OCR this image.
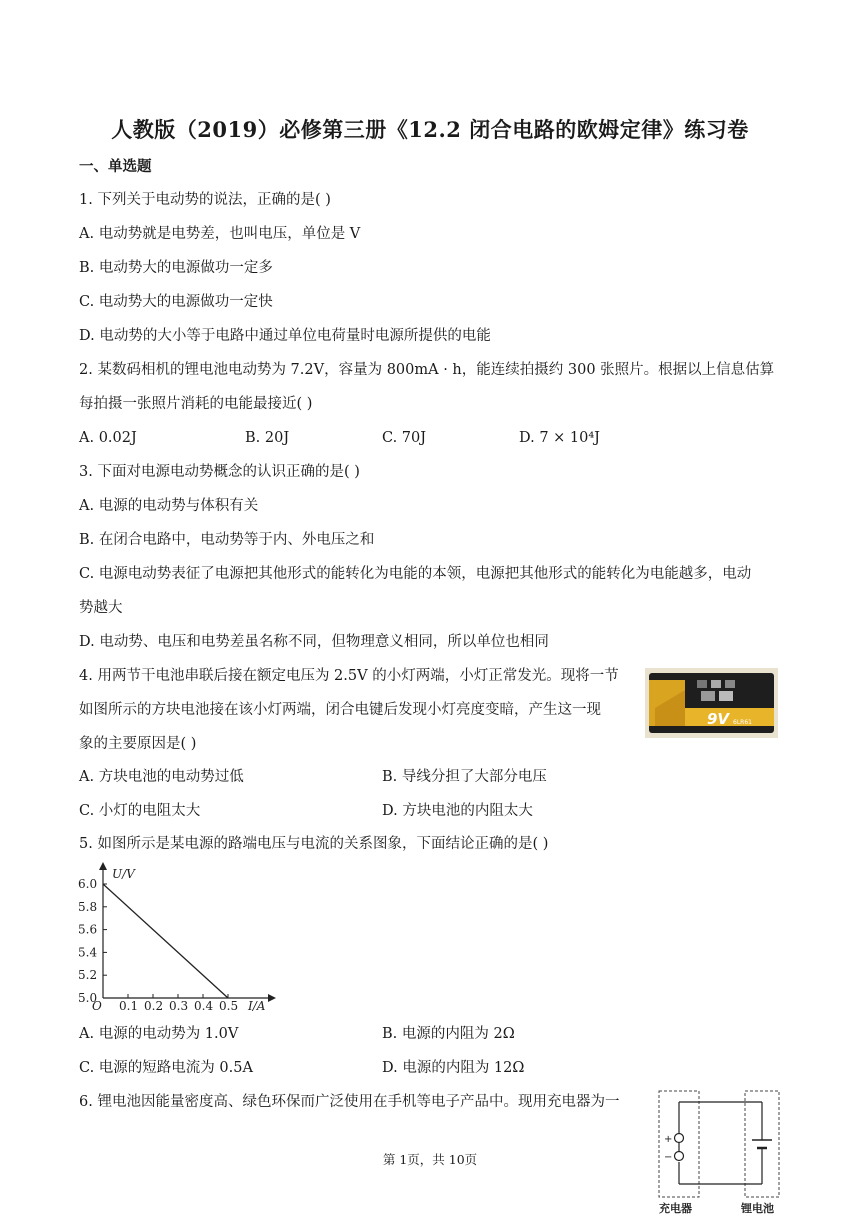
人教版（2019）必修第三册《12.2 闭合电路的欧姆定律》练习卷
一、单选题
1. 下列关于电动势的说法，正确的是( )
A. 电动势就是电势差，也叫电压，单位是 V
B. 电动势大的电源做功一定多
C. 电动势大的电源做功一定快
D. 电动势的大小等于电路中通过单位电荷量时电源所提供的电能
2. 某数码相机的锂电池电动势为 7.2V，容量为 800mA · h，能连续拍摄约 300 张照片。根据以上信息估算
每拍摄一张照片消耗的电能最接近( )
A. 0.02J	B. 20J	C. 70J	D. 7 × 10⁴J
3. 下面对电源电动势概念的认识正确的是( )
A. 电源的电动势与体积有关
B. 在闭合电路中，电动势等于内、外电压之和
C. 电源电动势表征了电源把其他形式的能转化为电能的本领，电源把其他形式的能转化为电能越多，电动
势越大
D. 电动势、电压和电势差虽名称不同，但物理意义相同，所以单位也相同
4. 用两节干电池串联后接在额定电压为 2.5V 的小灯两端，小灯正常发光。现将一节
如图所示的方块电池接在该小灯两端，闭合电键后发现小灯亮度变暗，产生这一现
象的主要原因是( )
A. 方块电池的电动势过低	B. 导线分担了大部分电压
C. 小灯的电阻太大	D. 方块电池的内阻太大
9V 6LR61
5. 如图所示是某电源的路端电压与电流的关系图象，下面结论正确的是( )
U/V
I/A
O
6.0
5.8
5.6
5.4
5.2
5.0
0.1 0.2 0.3 0.4 0.5
A. 电源的电动势为 1.0V	B. 电源的内阻为 2Ω
C. 电源的短路电流为 0.5A	D. 电源的内阻为 12Ω
6. 锂电池因能量密度高、绿色环保而广泛使用在手机等电子产品中。现用充电器为一
+
−
充电器	锂电池
第 1页，共 10页
